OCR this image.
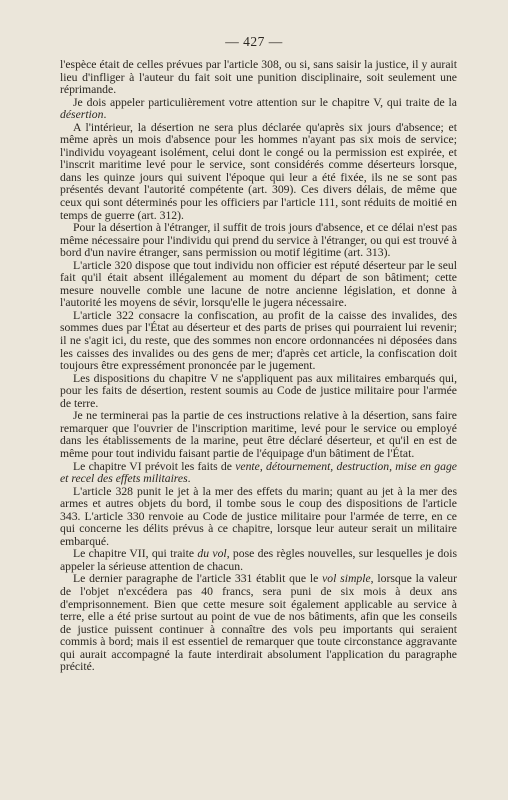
— 427 —

l'espèce était de celles prévues par l'article 308, ou si, sans saisir la justice, il y aurait lieu d'infliger à l'auteur du fait soit une punition disciplinaire, soit seulement une réprimande.

Je dois appeler particulièrement votre attention sur le chapitre V, qui traite de la désertion.

A l'intérieur, la désertion ne sera plus déclarée qu'après six jours d'absence; et même après un mois d'absence pour les hommes n'ayant pas six mois de service; l'individu voyageant isolément, celui dont le congé ou la permission est expirée, et l'inscrit maritime levé pour le service, sont considérés comme déserteurs lorsque, dans les quinze jours qui suivent l'époque qui leur a été fixée, ils ne se sont pas présentés devant l'autorité compétente (art. 309). Ces divers délais, de même que ceux qui sont déterminés pour les officiers par l'article 111, sont réduits de moitié en temps de guerre (art. 312).

Pour la désertion à l'étranger, il suffit de trois jours d'absence, et ce délai n'est pas même nécessaire pour l'individu qui prend du service à l'étranger, ou qui est trouvé à bord d'un navire étranger, sans permission ou motif légitime (art. 313).

L'article 320 dispose que tout individu non officier est réputé déserteur par le seul fait qu'il était absent illégalement au moment du départ de son bâtiment; cette mesure nouvelle comble une lacune de notre ancienne législation, et donne à l'autorité les moyens de sévir, lorsqu'elle le jugera nécessaire.

L'article 322 consacre la confiscation, au profit de la caisse des invalides, des sommes dues par l'État au déserteur et des parts de prises qui pourraient lui revenir; il ne s'agit ici, du reste, que des sommes non encore ordonnancées ni déposées dans les caisses des invalides ou des gens de mer; d'après cet article, la confiscation doit toujours être expressément prononcée par le jugement.

Les dispositions du chapitre V ne s'appliquent pas aux militaires embarqués qui, pour les faits de désertion, restent soumis au Code de justice militaire pour l'armée de terre.

Je ne terminerai pas la partie de ces instructions relative à la désertion, sans faire remarquer que l'ouvrier de l'inscription maritime, levé pour le service ou employé dans les établissements de la marine, peut être déclaré déserteur, et qu'il en est de même pour tout individu faisant partie de l'équipage d'un bâtiment de l'État.

Le chapitre VI prévoit les faits de vente, détournement, destruction, mise en gage et recel des effets militaires.

L'article 328 punit le jet à la mer des effets du marin; quant au jet à la mer des armes et autres objets du bord, il tombe sous le coup des dispositions de l'article 343. L'article 330 renvoie au Code de justice militaire pour l'armée de terre, en ce qui concerne les délits prévus à ce chapitre, lorsque leur auteur serait un militaire embarqué.

Le chapitre VII, qui traite du vol, pose des règles nouvelles, sur lesquelles je dois appeler la sérieuse attention de chacun.

Le dernier paragraphe de l'article 331 établit que le vol simple, lorsque la valeur de l'objet n'excédera pas 40 francs, sera puni de six mois à deux ans d'emprisonnement. Bien que cette mesure soit également applicable au service à terre, elle a été prise surtout au point de vue de nos bâtiments, afin que les conseils de justice puissent continuer à connaître des vols peu importants qui seraient commis à bord; mais il est essentiel de remarquer que toute circonstance aggravante qui aurait accompagné la faute interdirait absolument l'application du paragraphe précité.
